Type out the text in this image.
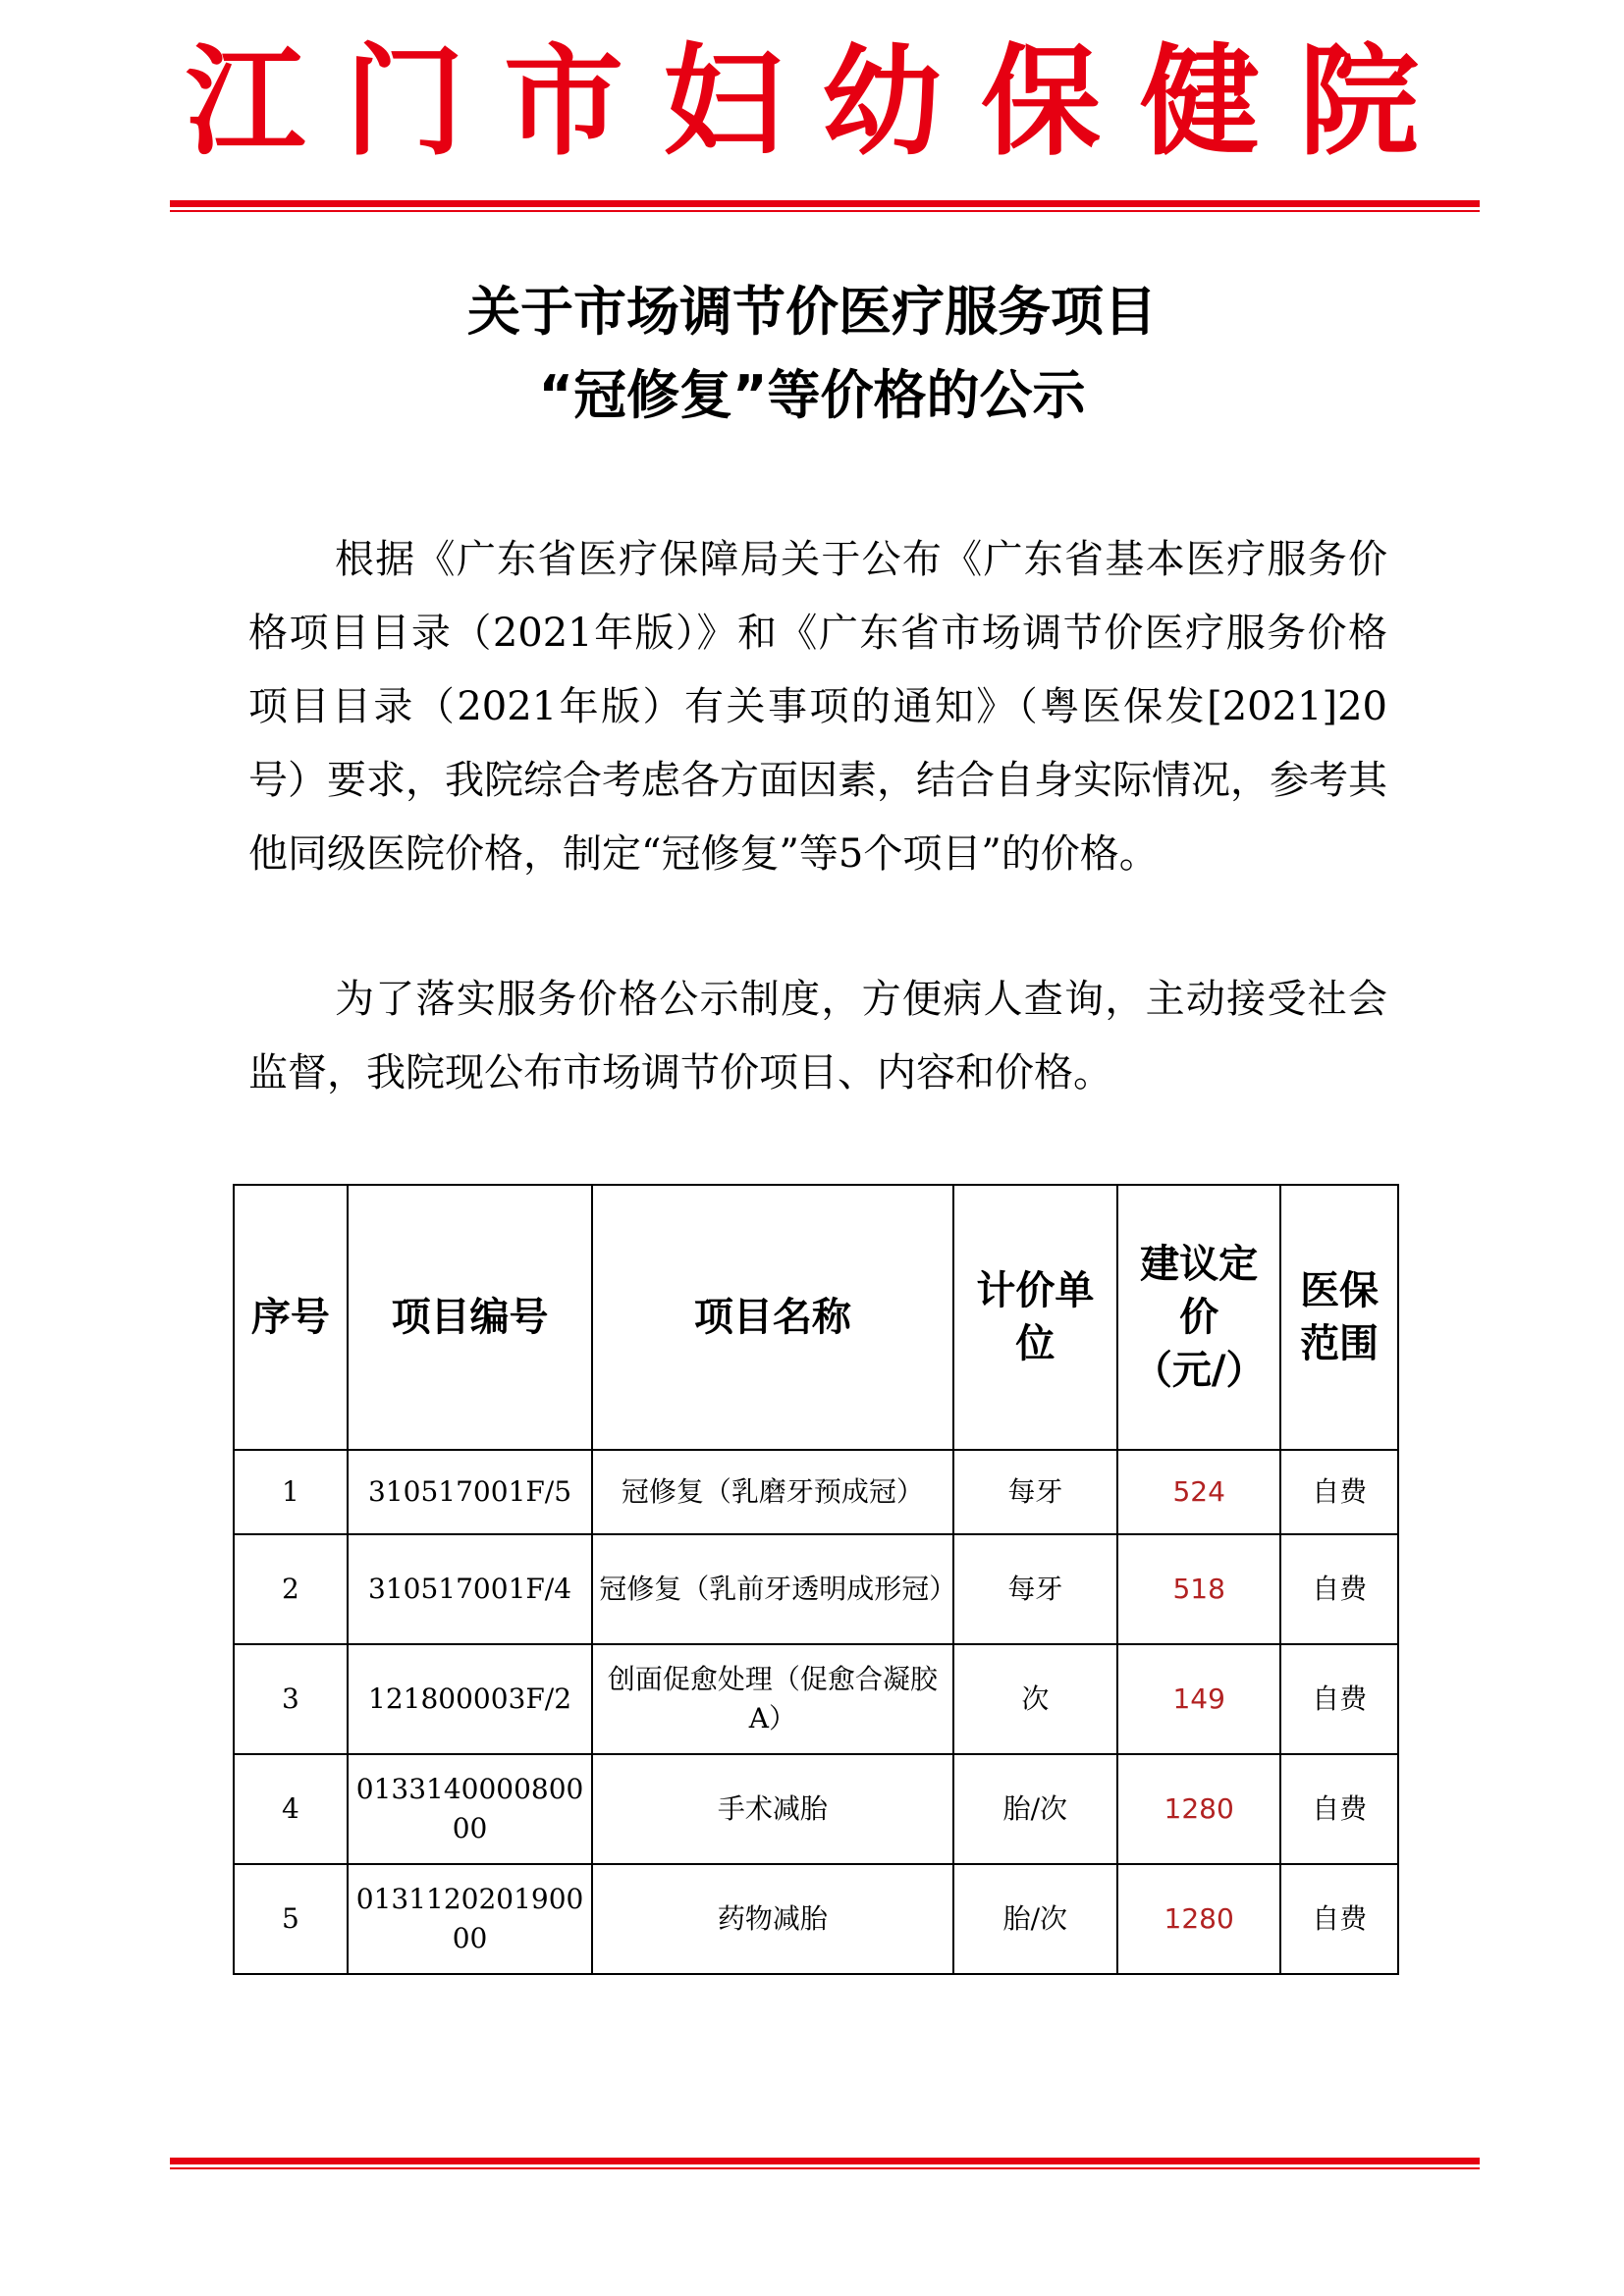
江门市妇幼保健院
关于市场调节价医疗服务项目
“冠修复”等价格的公示

根据《广东省医疗保障局关于公布《广东省基本医疗服务价格项目目录（2021年版）》和《广东省市场调节价医疗服务价格项目目录（2021年版）有关事项的通知》（粤医保发[2021]20号）要求，我院综合考虑各方面因素，结合自身实际情况，参考其他同级医院价格，制定“冠修复”等5个项目”的价格。

为了落实服务价格公示制度，方便病人查询，主动接受社会监督，我院现公布市场调节价项目、内容和价格。

序号	项目编号	项目名称	计价单位	建议定价（元/）	医保范围
1	310517001F/5	冠修复（乳磨牙预成冠）	每牙	524	自费
2	310517001F/4	冠修复（乳前牙透明成形冠）	每牙	518	自费
3	121800003F/2	创面促愈处理（促愈合凝胶A）	次	149	自费
4	013314000080000	手术减胎	胎/次	1280	自费
5	013112020190000	药物减胎	胎/次	1280	自费
